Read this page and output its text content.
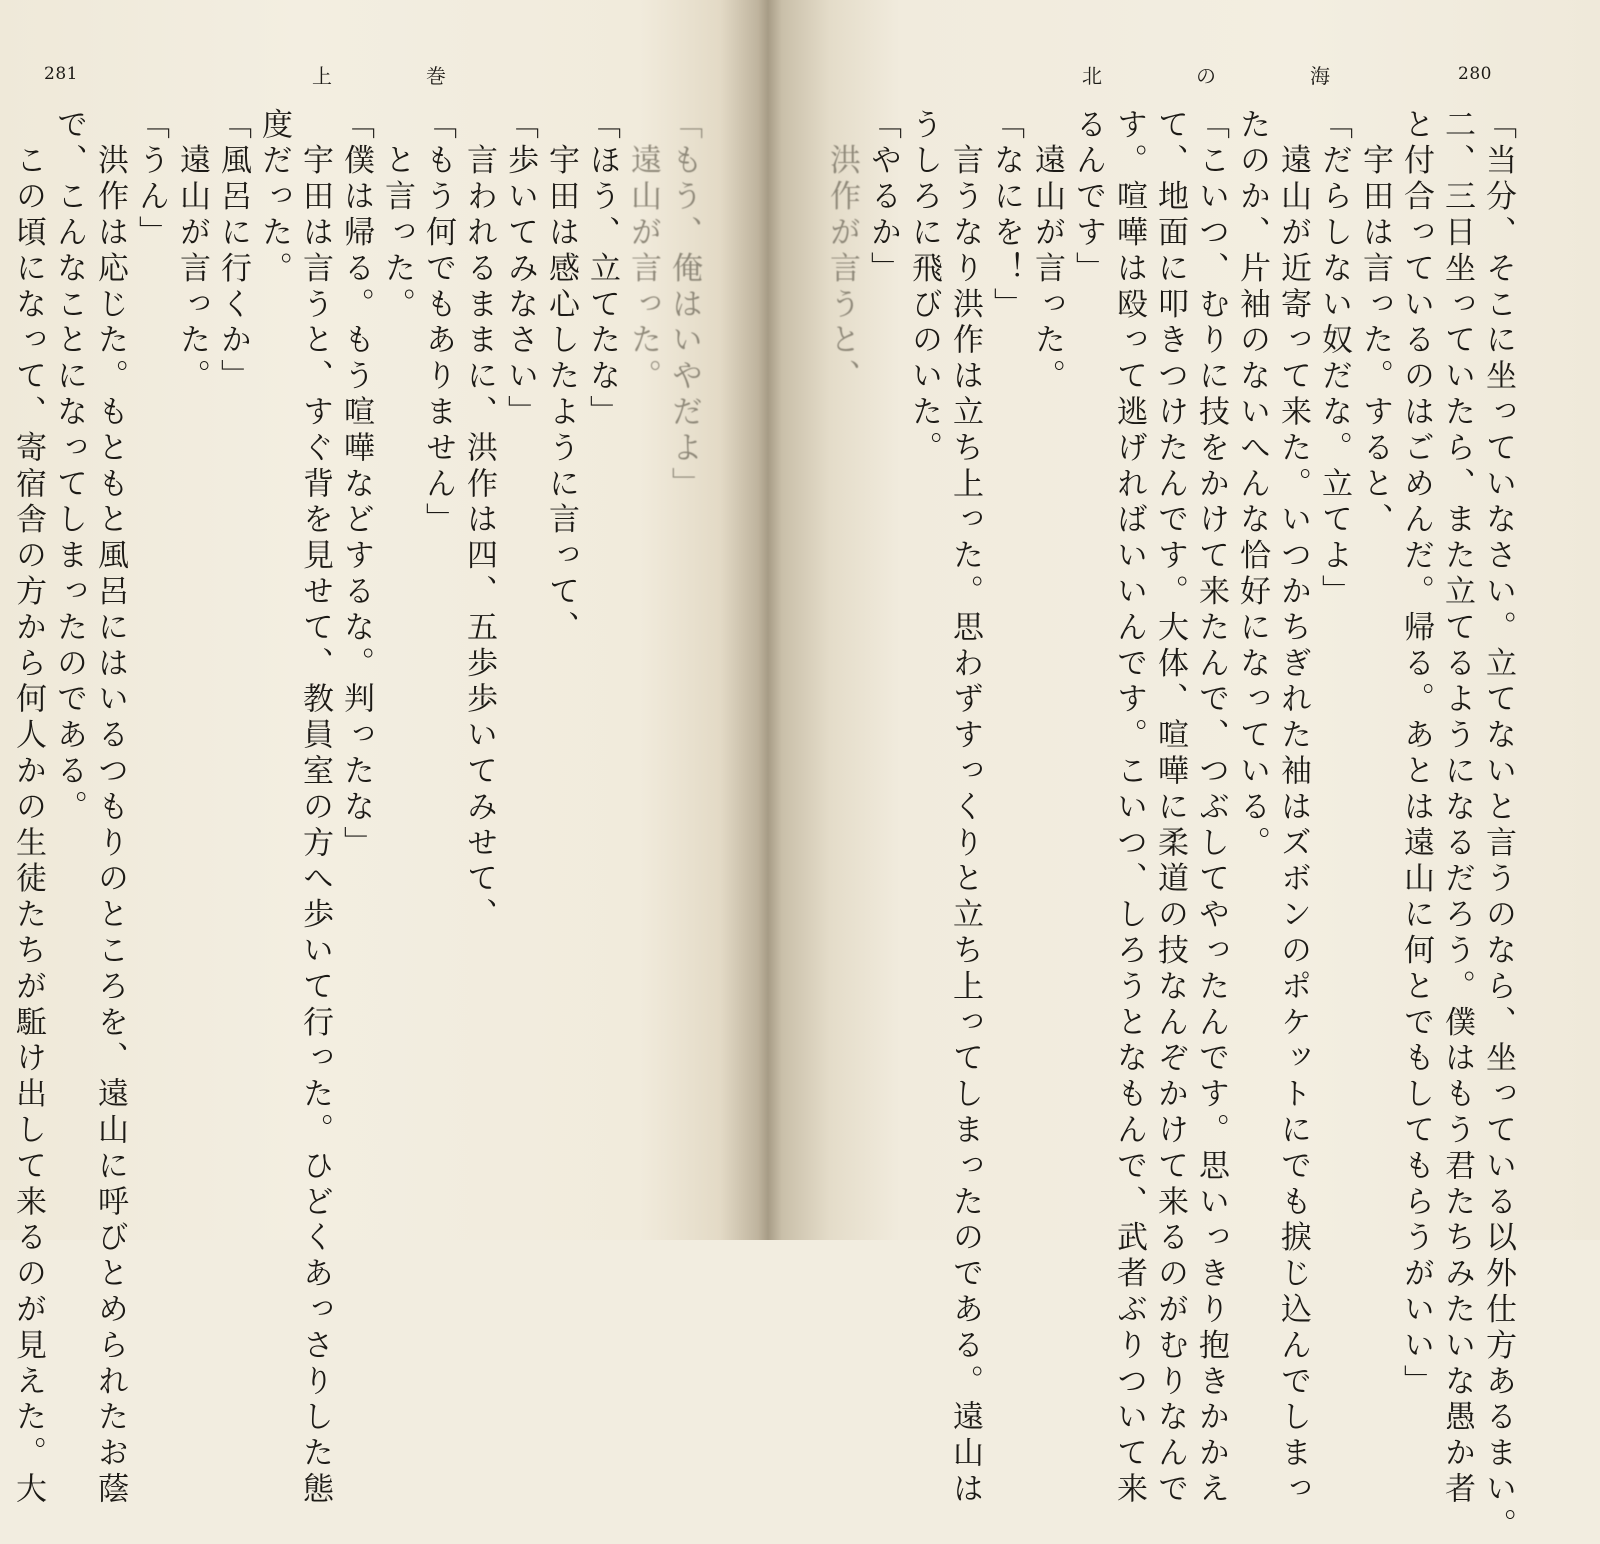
281	上巻
「もう、俺はいやだよ」
　遠山が言った。
「ほう、立てたな」
　宇田は感心したように言って、
「歩いてみなさい」
　言われるままに、洪作は四、五歩歩いてみせて、
「もう何でもありません」
　と言った。
「僕は帰る。もう喧嘩などするな。判ったな」
　宇田は言うと、すぐ背を見せて、教員室の方へ歩いて行った。ひどくあっさりした態
度だった。
「風呂に行くか」
　遠山が言った。
「うん」
　洪作は応じた。もともと風呂にはいるつもりのところを、遠山に呼びとめられたお蔭
で、こんなことになってしまったのである。
　この頃になって、寄宿舎の方から何人かの生徒たちが駈け出して来るのが見えた。大
280
北の海
「当分、そこに坐っていなさい。立てないと言うのなら、坐っている以外仕方あるまい。
二、三日坐っていたら、また立てるようになるだろう。僕はもう君たちみたいな愚か者
と付合っているのはごめんだ。帰る。あとは遠山に何とでもしてもらうがいい」
　宇田は言った。すると、
「だらしない奴だな。立てよ」
　遠山が近寄って来た。いつかちぎれた袖はズボンのポケットにでも捩じ込んでしまっ
たのか、片袖のないへんな恰好になっている。
「こいつ、むりに技をかけて来たんで、つぶしてやったんです。思いっきり抱きかかえ
て、地面に叩きつけたんです。大体、喧嘩に柔道の技なんぞかけて来るのがむりなんで
す。喧嘩は殴って逃げればいいんです。こいつ、しろうとなもんで、武者ぶりついて来
るんです」
　遠山が言った。
「なにを！」
　言うなり洪作は立ち上った。思わずすっくりと立ち上ってしまったのである。遠山は
うしろに飛びのいた。
「やるか」
　洪作が言うと、
